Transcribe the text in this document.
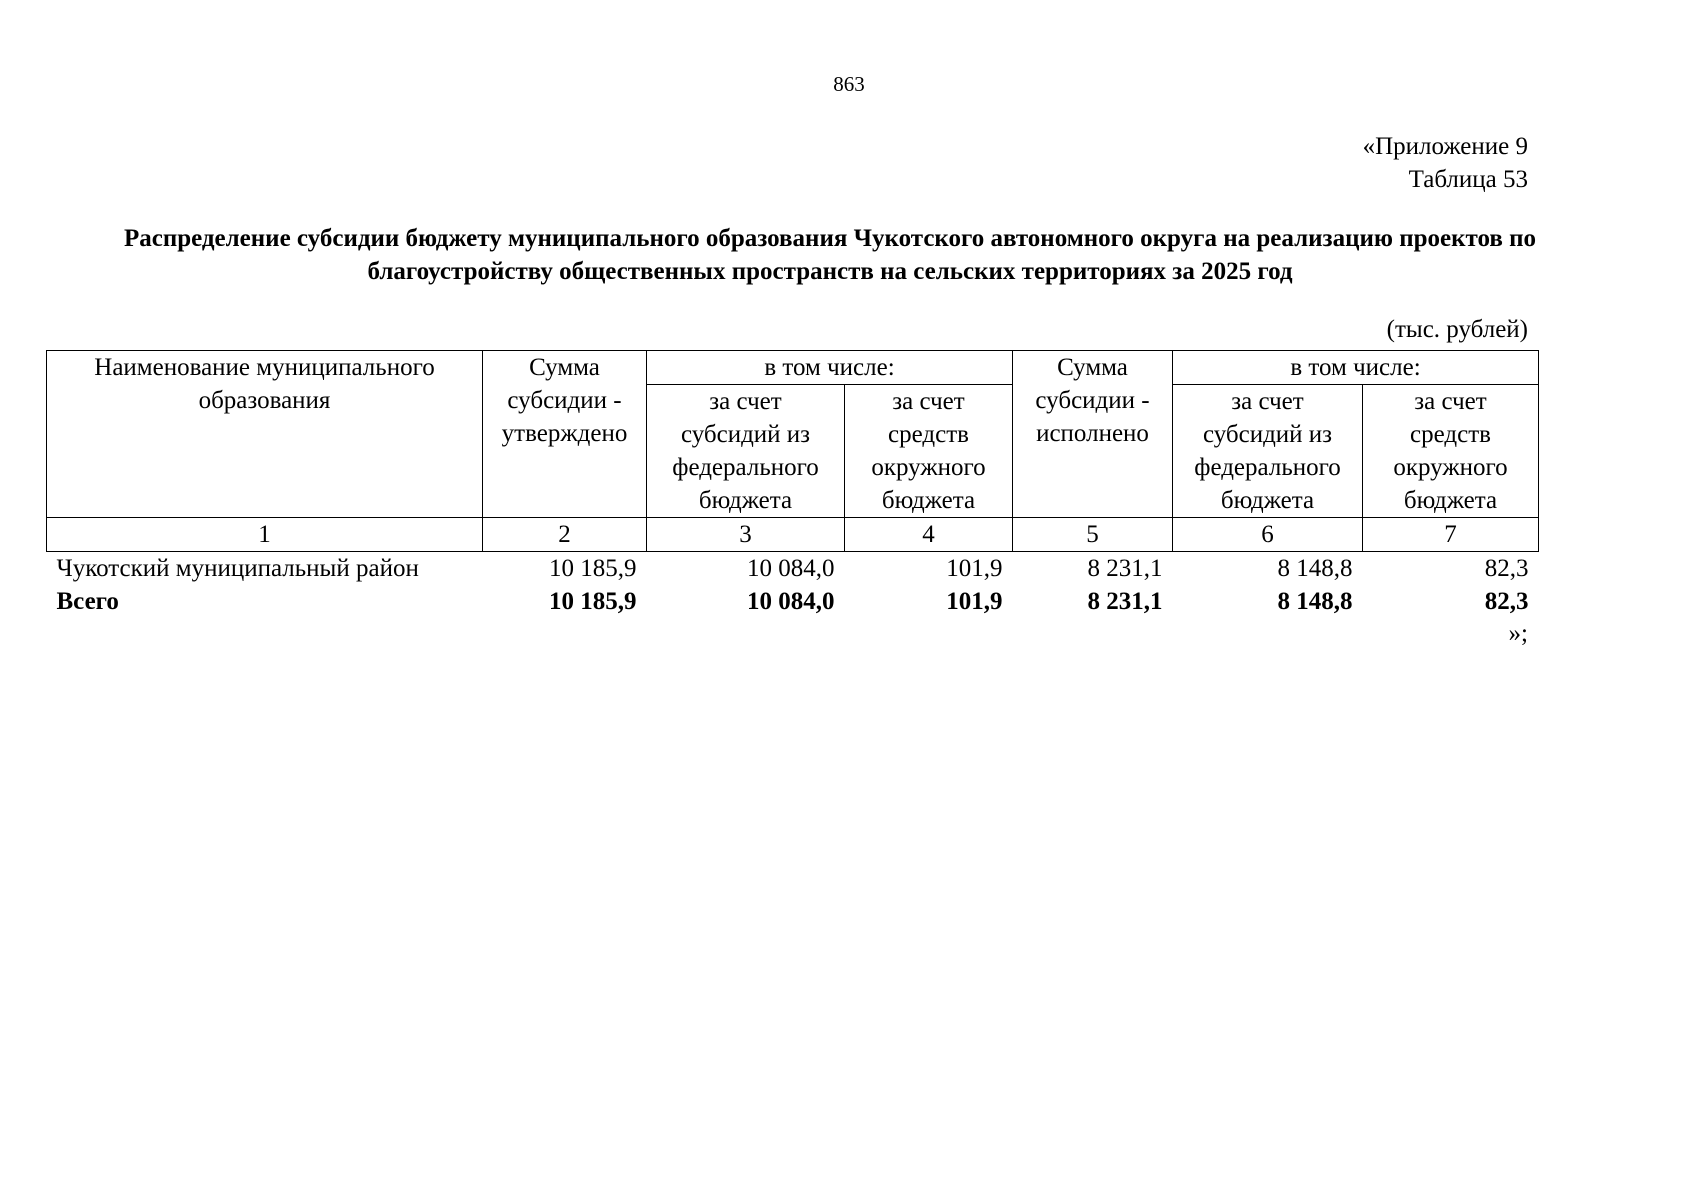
863
«Приложение 9
Таблица 53
Распределение субсидии бюджету муниципального образования Чукотского автономного округа на реализацию проектов по благоустройству общественных пространств на сельских территориях за 2025 год
(тыс. рублей)
Наименование муниципального образования	Сумма субсидии - утверждено	в том числе:		Сумма субсидии - исполнено	в том числе:	
		за счет субсидий из федерального бюджета	за счет средств окружного бюджета		за счет субсидий из федерального бюджета	за счет средств окружного бюджета
1	2	3	4	5	6	7
Чукотский муниципальный район	10 185,9	10 084,0	101,9	8 231,1	8 148,8	82,3
Всего	10 185,9	10 084,0	101,9	8 231,1	8 148,8	82,3
»;
